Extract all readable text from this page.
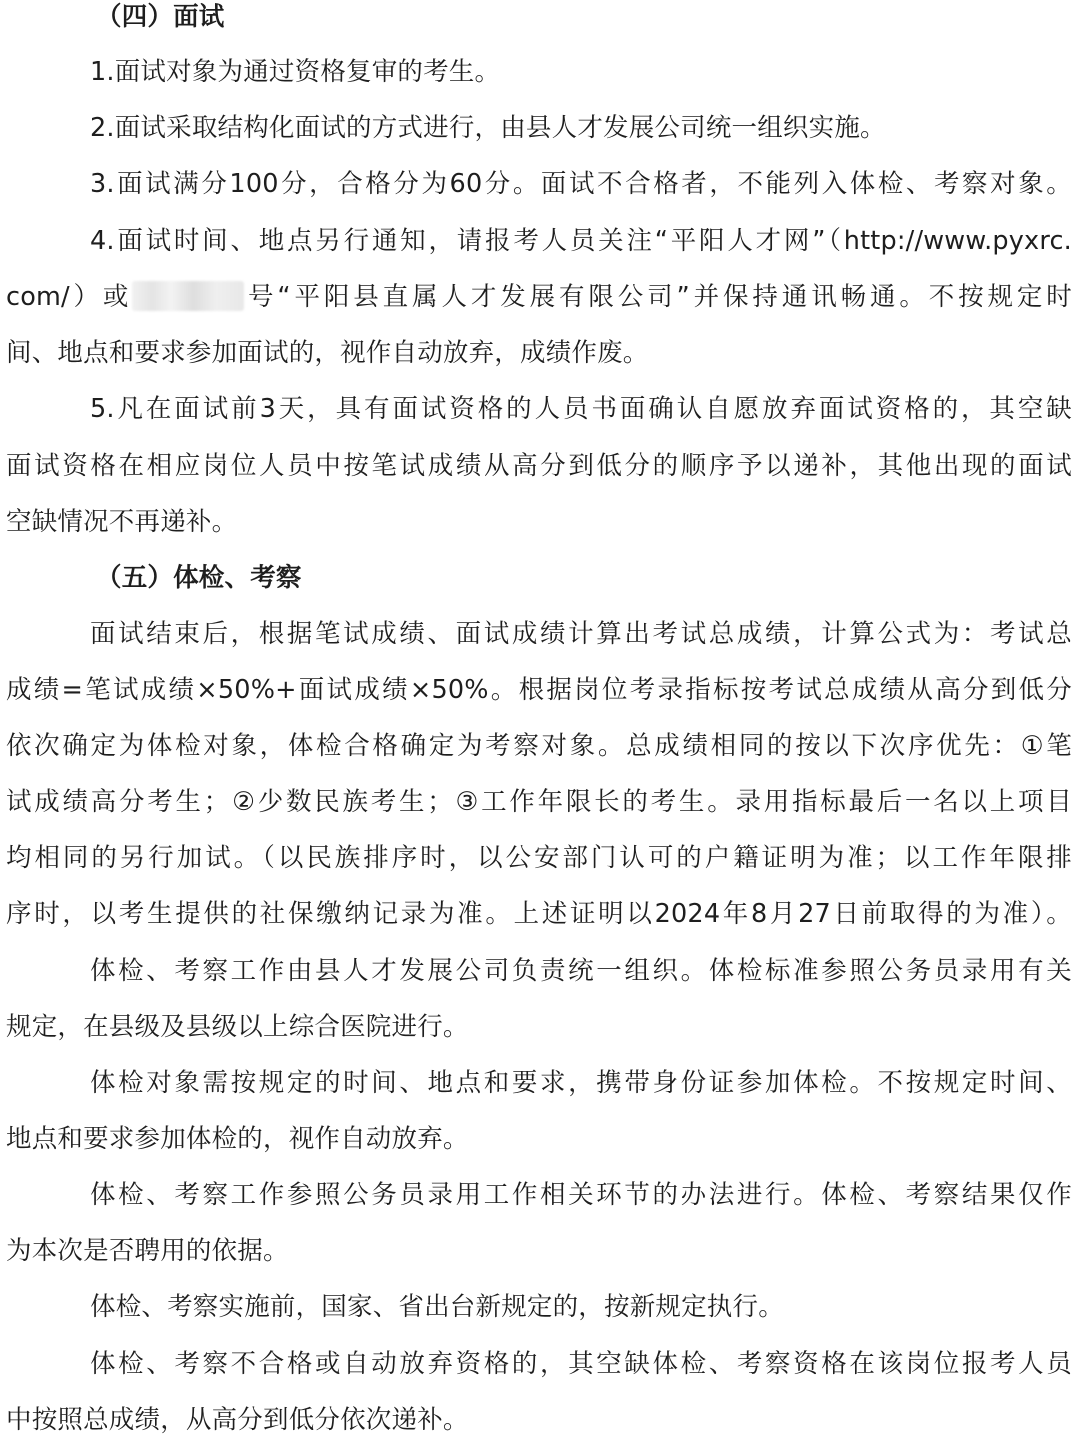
（四）面试
1.面试对象为通过资格复审的考生。
2.面试采取结构化面试的方式进行，由县人才发展公司统一组织实施。
3.面试满分100分，合格分为60分。面试不合格者，不能列入体检、考察对象。
4.面试时间、地点另行通知，请报考人员关注“平阳人才网”（http://www.pyxrc.
com/）或	号“平阳县直属人才发展有限公司”并保持通讯畅通。不按规定时
间、地点和要求参加面试的，视作自动放弃，成绩作废。
5.凡在面试前3天，具有面试资格的人员书面确认自愿放弃面试资格的，其空缺
面试资格在相应岗位人员中按笔试成绩从高分到低分的顺序予以递补，其他出现的面试
空缺情况不再递补。
（五）体检、考察
面试结束后，根据笔试成绩、面试成绩计算出考试总成绩，计算公式为：考试总
成绩=笔试成绩×50%+面试成绩×50%。根据岗位考录指标按考试总成绩从高分到低分
依次确定为体检对象，体检合格确定为考察对象。总成绩相同的按以下次序优先：①笔
试成绩高分考生；②少数民族考生；③工作年限长的考生。录用指标最后一名以上项目
均相同的另行加试。（以民族排序时，以公安部门认可的户籍证明为准；以工作年限排
序时，以考生提供的社保缴纳记录为准。上述证明以2024年8月27日前取得的为准）。
体检、考察工作由县人才发展公司负责统一组织。体检标准参照公务员录用有关
规定，在县级及县级以上综合医院进行。
体检对象需按规定的时间、地点和要求，携带身份证参加体检。不按规定时间、
地点和要求参加体检的，视作自动放弃。
体检、考察工作参照公务员录用工作相关环节的办法进行。体检、考察结果仅作
为本次是否聘用的依据。
体检、考察实施前，国家、省出台新规定的，按新规定执行。
体检、考察不合格或自动放弃资格的，其空缺体检、考察资格在该岗位报考人员
中按照总成绩，从高分到低分依次递补。
